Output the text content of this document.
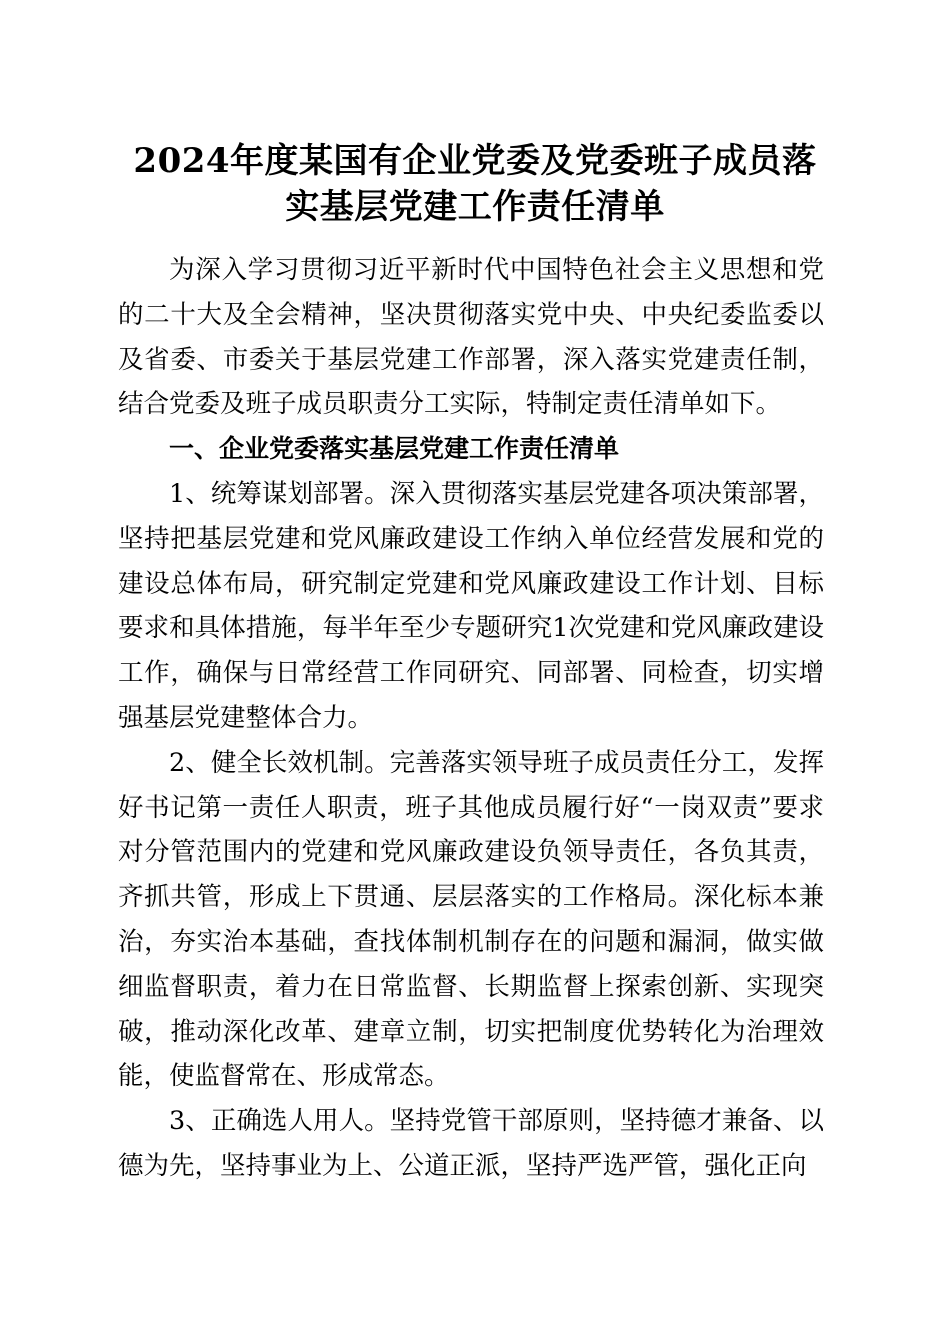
2024年度某国有企业党委及党委班子成员落
实基层党建工作责任清单

为深入学习贯彻习近平新时代中国特色社会主义思想和党的二十大及全会精神，坚决贯彻落实党中央、中央纪委监委以及省委、市委关于基层党建工作部署，深入落实党建责任制，结合党委及班子成员职责分工实际，特制定责任清单如下。

一、企业党委落实基层党建工作责任清单

1、统筹谋划部署。深入贯彻落实基层党建各项决策部署，坚持把基层党建和党风廉政建设工作纳入单位经营发展和党的建设总体布局，研究制定党建和党风廉政建设工作计划、目标要求和具体措施，每半年至少专题研究1次党建和党风廉政建设工作，确保与日常经营工作同研究、同部署、同检查，切实增强基层党建整体合力。

2、健全长效机制。完善落实领导班子成员责任分工，发挥好书记第一责任人职责，班子其他成员履行好“一岗双责”要求对分管范围内的党建和党风廉政建设负领导责任，各负其责，齐抓共管，形成上下贯通、层层落实的工作格局。深化标本兼治，夯实治本基础，查找体制机制存在的问题和漏洞，做实做细监督职责，着力在日常监督、长期监督上探索创新、实现突破，推动深化改革、建章立制，切实把制度优势转化为治理效能，使监督常在、形成常态。

3、正确选人用人。坚持党管干部原则，坚持德才兼备、以德为先，坚持事业为上、公道正派，坚持严选严管，强化正向
